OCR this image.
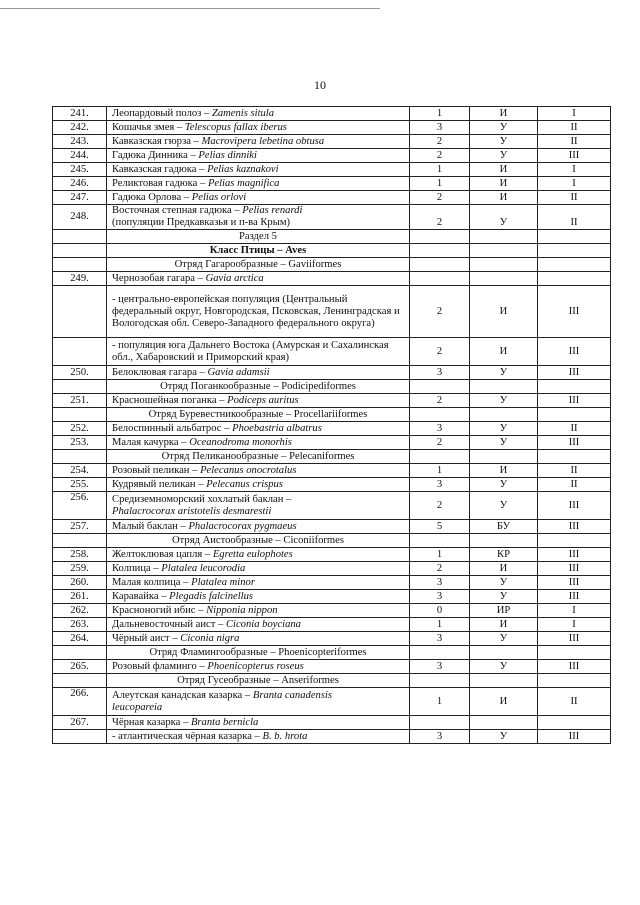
10
241.	Леопардовый полоз – Zamenis situla	1	И	I
242.	Кошачья змея – Telescopus fallax iberus	3	У	II
243.	Кавказская гюрза – Macrovipera lebetina obtusa	2	У	II
244.	Гадюка Динника – Pelias dinniki	2	У	III
245.	Кавказская гадюка – Pelias kaznakovi	1	И	I
246.	Реликтовая гадюка – Pelias magnifica	1	И	I
247.	Гадюка Орлова – Pelias orlovi	2	И	II
248.	Восточная степная гадюка – Pelias renardi
(популяции Предкавказья и п-ва Крым)	2	У	II
	Раздел 5			
	Класс Птицы – Aves			
	Отряд Гагарообразные – Gaviiformes			
249.	Чернозобая гагара – Gavia arctica			
	- центрально-европейская популяция (Центральный федеральный округ, Новгородская, Псковская, Ленинградская и Вологодская обл. Северо-Западного федерального округа)	2	И	III
	- популяция юга Дальнего Востока (Амурская и Сахалинская обл., Хабаровский и Приморский края)	2	И	III
250.	Белоклювая гагара – Gavia adamsii	3	У	III
	Отряд Поганкообразные – Podicipediformes			
251.	Красношейная поганка – Podiceps auritus	2	У	III
	Отряд Буревестникообразные – Procellariiformes			
252.	Белоспинный альбатрос – Phoebastria albatrus	3	У	II
253.	Малая качурка – Oceanodroma monorhis	2	У	III
	Отряд Пеликанообразные – Pelecaniformes			
254.	Розовый пеликан – Pelecanus onocrotalus	1	И	II
255.	Кудрявый пеликан – Pelecanus crispus	3	У	II
256.	Средиземноморский хохлатый баклан –
Phalacrocorax aristotelis desmarestii	2	У	III
257.	Малый баклан – Phalacrocorax pygmaeus	5	БУ	III
	Отряд Аистообразные – Ciconiiformes			
258.	Желтоклювая цапля – Egretta eulophotes	1	КР	III
259.	Колпица – Platalea leucorodia	2	И	III
260.	Малая колпица – Platalea minor	3	У	III
261.	Каравайка – Plegadis falcinellus	3	У	III
262.	Красноногий ибис – Nipponia nippon	0	ИР	I
263.	Дальневосточный аист – Ciconia boyciana	1	И	I
264.	Чёрный аист – Ciconia nigra	3	У	III
	Отряд Фламингообразные – Phoenicopteriformes			
265.	Розовый фламинго – Phoenicopterus roseus	3	У	III
	Отряд Гусеобразные – Anseriformes			
266.	Алеутская канадская казарка – Branta canadensis
leucopareia	1	И	II
267.	Чёрная казарка – Branta bernicla			
	- атлантическая чёрная казарка – B. b. hrota	3	У	III
